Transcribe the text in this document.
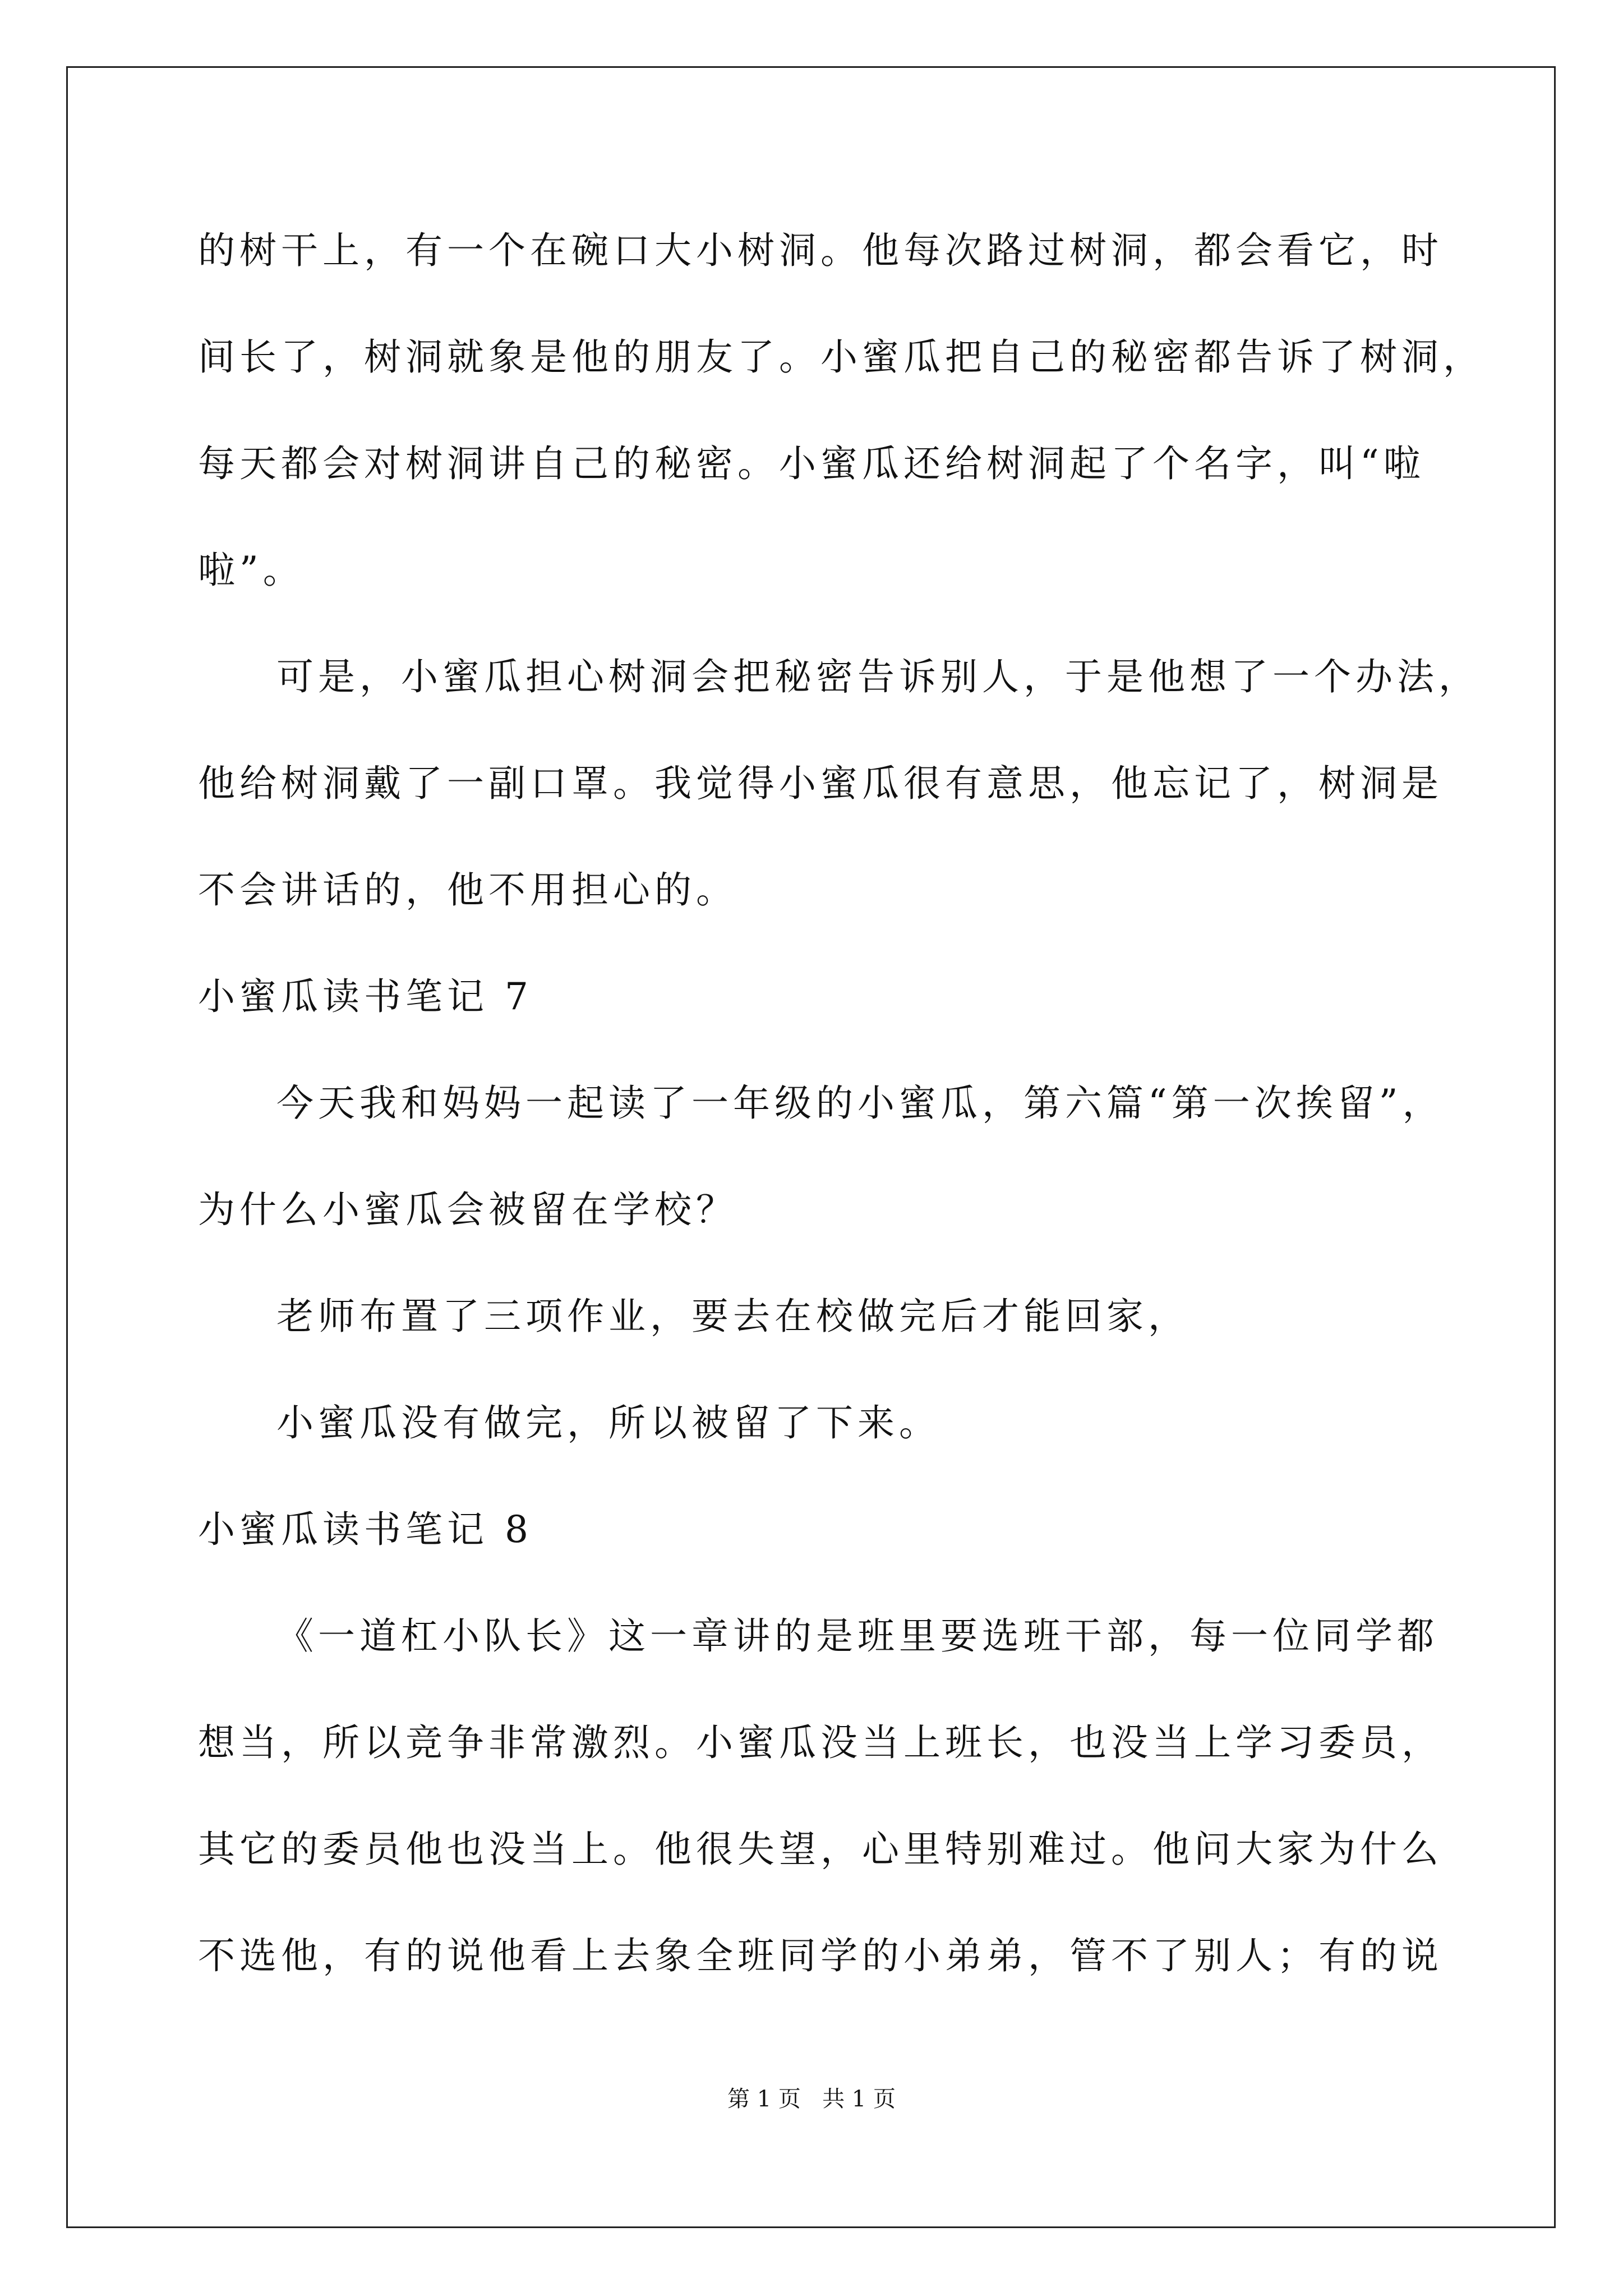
的树干上，有一个在碗口大小树洞。他每次路过树洞，都会看它，时
间长了，树洞就象是他的朋友了。小蜜瓜把自己的秘密都告诉了树洞，
每天都会对树洞讲自己的秘密。小蜜瓜还给树洞起了个名字，叫“啦
啦”。
可是，小蜜瓜担心树洞会把秘密告诉别人，于是他想了一个办法，
他给树洞戴了一副口罩。我觉得小蜜瓜很有意思，他忘记了，树洞是
不会讲话的，他不用担心的。
小蜜瓜读书笔记 7
今天我和妈妈一起读了一年级的小蜜瓜，第六篇“第一次挨留”，
为什么小蜜瓜会被留在学校？
老师布置了三项作业，要去在校做完后才能回家，
小蜜瓜没有做完，所以被留了下来。
小蜜瓜读书笔记 8
《一道杠小队长》这一章讲的是班里要选班干部，每一位同学都
想当，所以竞争非常激烈。小蜜瓜没当上班长，也没当上学习委员，
其它的委员他也没当上。他很失望，心里特别难过。他问大家为什么
不选他，有的说他看上去象全班同学的小弟弟，管不了别人；有的说
第 1 页   共 1 页
